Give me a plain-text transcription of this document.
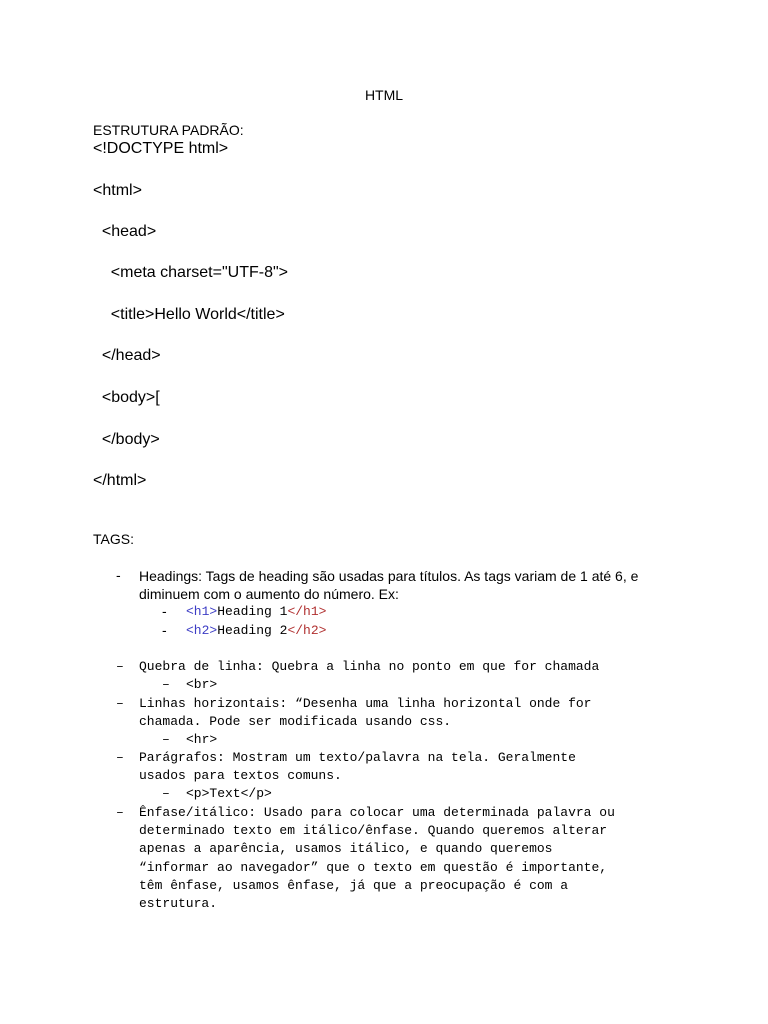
HTML
ESTRUTURA PADRÃO:
<!DOCTYPE html>
<html>
<head>
<meta charset="UTF-8">
<title>Hello World</title>
</head>
<body>[
</body>
</html>
TAGS:
- Headings: Tags de heading são usadas para títulos. As tags variam de 1 até 6, e
diminuem com o aumento do número. Ex:
- <h1>Heading 1</h1>
- <h2>Heading 2</h2>
– Quebra de linha: Quebra a linha no ponto em que for chamada
– <br>
– Linhas horizontais: “Desenha uma linha horizontal onde for
chamada. Pode ser modificada usando css.
– <hr>
– Parágrafos: Mostram um texto/palavra na tela. Geralmente
usados para textos comuns.
– <p>Text</p>
– Ênfase/itálico: Usado para colocar uma determinada palavra ou
determinado texto em itálico/ênfase. Quando queremos alterar
apenas a aparência, usamos itálico, e quando queremos
“informar ao navegador” que o texto em questão é importante,
têm ênfase, usamos ênfase, já que a preocupação é com a
estrutura.
